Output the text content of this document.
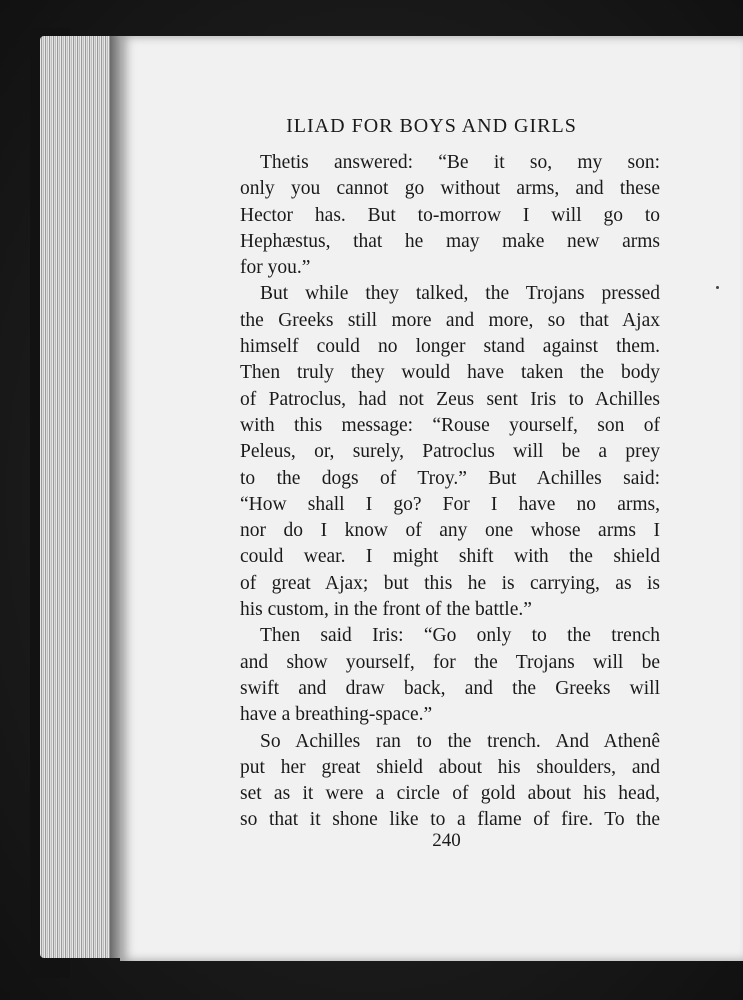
ILIAD FOR BOYS AND GIRLS
Thetis answered: “Be it so, my son:
only you cannot go without arms, and these
Hector has. But to-morrow I will go to
Hephæstus, that he may make new arms
for you.”
But while they talked, the Trojans pressed
the Greeks still more and more, so that Ajax
himself could no longer stand against them.
Then truly they would have taken the body
of Patroclus, had not Zeus sent Iris to Achilles
with this message: “Rouse yourself, son of
Peleus, or, surely, Patroclus will be a prey
to the dogs of Troy.” But Achilles said:
“How shall I go? For I have no arms,
nor do I know of any one whose arms I
could wear. I might shift with the shield
of great Ajax; but this he is carrying, as is
his custom, in the front of the battle.”
Then said Iris: “Go only to the trench
and show yourself, for the Trojans will be
swift and draw back, and the Greeks will
have a breathing-space.”
So Achilles ran to the trench. And Athenê
put her great shield about his shoulders, and
set as it were a circle of gold about his head,
so that it shone like to a flame of fire. To the
240
